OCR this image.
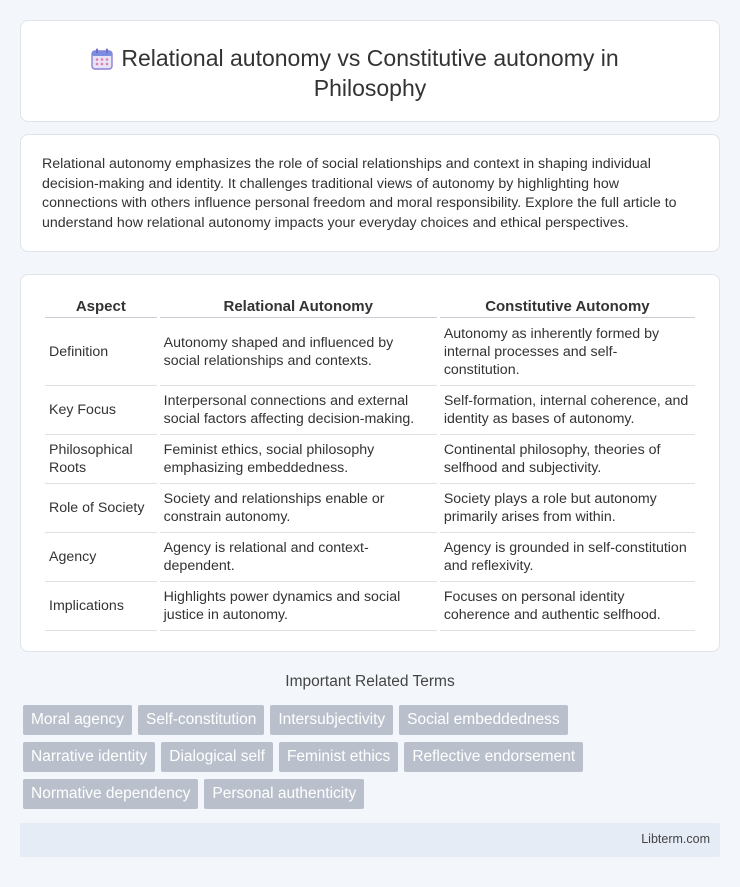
Relational autonomy vs Constitutive autonomy in Philosophy

Relational autonomy emphasizes the role of social relationships and context in shaping individual decision-making and identity. It challenges traditional views of autonomy by highlighting how connections with others influence personal freedom and moral responsibility. Explore the full article to understand how relational autonomy impacts your everyday choices and ethical perspectives.

Aspect	Relational Autonomy	Constitutive Autonomy
Definition	Autonomy shaped and influenced by social relationships and contexts.	Autonomy as inherently formed by internal processes and self-constitution.
Key Focus	Interpersonal connections and external social factors affecting decision-making.	Self-formation, internal coherence, and identity as bases of autonomy.
Philosophical Roots	Feminist ethics, social philosophy emphasizing embeddedness.	Continental philosophy, theories of selfhood and subjectivity.
Role of Society	Society and relationships enable or constrain autonomy.	Society plays a role but autonomy primarily arises from within.
Agency	Agency is relational and context-dependent.	Agency is grounded in self-constitution and reflexivity.
Implications	Highlights power dynamics and social justice in autonomy.	Focuses on personal identity coherence and authentic selfhood.
Important Related Terms
Moral agency	Self-constitution	Intersubjectivity	Social embeddedness
Narrative identity	Dialogical self	Feminist ethics	Reflective endorsement
Normative dependency	Personal authenticity
Libterm.com
